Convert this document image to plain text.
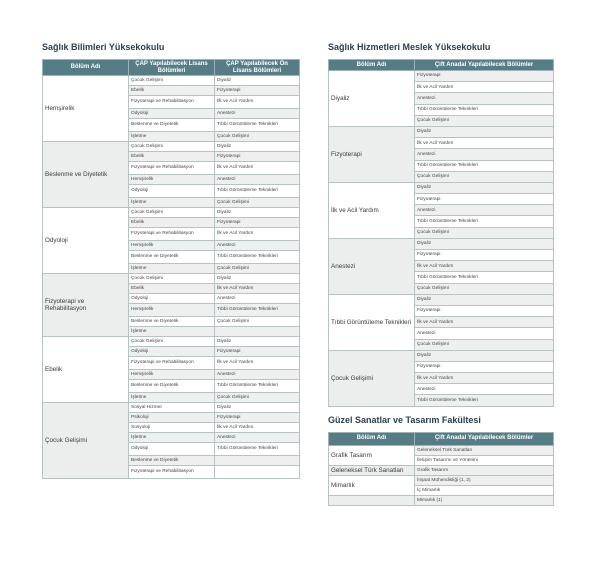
Sağlık Bilimleri Yüksekokulu
Bölüm Adı	ÇAP Yapılabilecek Lisans Bölümleri	ÇAP Yapılabilecek Ön Lisans Bölümleri
Hemşirelik	Çocuk Gelişimi	Diyaliz
	Ebelik	Fizyoterapi
	Fizyoterapi ve Rehabilitasyon	İlk ve Acil Yardım
	Odyoloji	Anestezi
	Beslenme ve Diyetetik	Tıbbi Görüntüleme Teknikleri
	İşletme	Çocuk Gelişimi
Beslenme ve Diyetetik	Çocuk Gelişimi	Diyaliz
	Ebelik	Fizyoterapi
	Fizyoterapi ve Rehabilitasyon	İlk ve Acil Yardım
	Hemşirelik	Anestezi
	Odyoloji	Tıbbi Görüntüleme Teknikleri
	İşletme	Çocuk Gelişimi
Odyoloji	Çocuk Gelişimi	Diyaliz
	Ebelik	Fizyoterapi
	Fizyoterapi ve Rehabilitasyon	İlk ve Acil Yardım
	Hemşirelik	Anestezi
	Beslenme ve Diyetetik	Tıbbi Görüntüleme Teknikleri
	İşletme	Çocuk Gelişimi
Fizyoterapi ve Rehabilitasyon	Çocuk Gelişimi	Diyaliz
	Ebelik	İlk ve Acil Yardım
	Odyoloji	Anestezi
	Hemşirelik	Tıbbi Görüntüleme Teknikleri
	Beslenme ve Diyetetik	Çocuk Gelişimi
	İşletme	
Ebelik	Çocuk Gelişimi	Diyaliz
	Odyoloji	Fizyoterapi
	Fizyoterapi ve Rehabilitasyon	İlk ve Acil Yardım
	Hemşirelik	Anestezi
	Beslenme ve Diyetetik	Tıbbi Görüntüleme Teknikleri
	İşletme	Çocuk Gelişimi
Çocuk Gelişimi	Sosyal Hizmet	Diyaliz
	Psikoloji	Fizyoterapi
	Sosyoloji	İlk ve Acil Yardım
	İşletme	Anestezi
	Odyoloji	Tıbbi Görüntüleme Teknikleri
	Beslenme ve Diyetetik	
	Fizyoterapi ve Rehabilitasyon	
Sağlık Hizmetleri Meslek Yüksekokulu
Bölüm Adı	Çift Anadal Yapılabilecek Bölümler
Diyaliz	Fizyoterapi
	İlk ve Acil Yardım
	Anestezi
	Tıbbi Görüntüleme Teknikleri
	Çocuk Gelişimi
Fizyoterapi	Diyaliz
	İlk ve Acil Yardım
	Anestezi
	Tıbbi Görüntüleme Teknikleri
	Çocuk Gelişimi
İlk ve Acil Yardım	Diyaliz
	Fizyoterapi
	Anestezi
	Tıbbi Görüntüleme Teknikleri
	Çocuk Gelişimi
Anestezi	Diyaliz
	Fizyoterapi
	İlk ve Acil Yardım
	Tıbbi Görüntüleme Teknikleri
	Çocuk Gelişimi
Tıbbi Görüntüleme Teknikleri	Diyaliz
	Fizyoterapi
	İlk ve Acil Yardım
	Anestezi
	Çocuk Gelişimi
Çocuk Gelişimi	Diyaliz
	Fizyoterapi
	İlk ve Acil Yardım
	Anestezi
	Tıbbi Görüntüleme Teknikleri
Güzel Sanatlar ve Tasarım Fakültesi
Bölüm Adı	Çift Anadal Yapılabilecek Bölümler
Grafik Tasarım	Geleneksel Türk Sanatları
	İletişim Tasarımı ve Yönetimi
Geleneksel Türk Sanatları	Grafik Tasarım
Mimarlık	İnşaat Mühendisliği (1, 2)
	İç Mimarlık
	Mimarlık (1)
